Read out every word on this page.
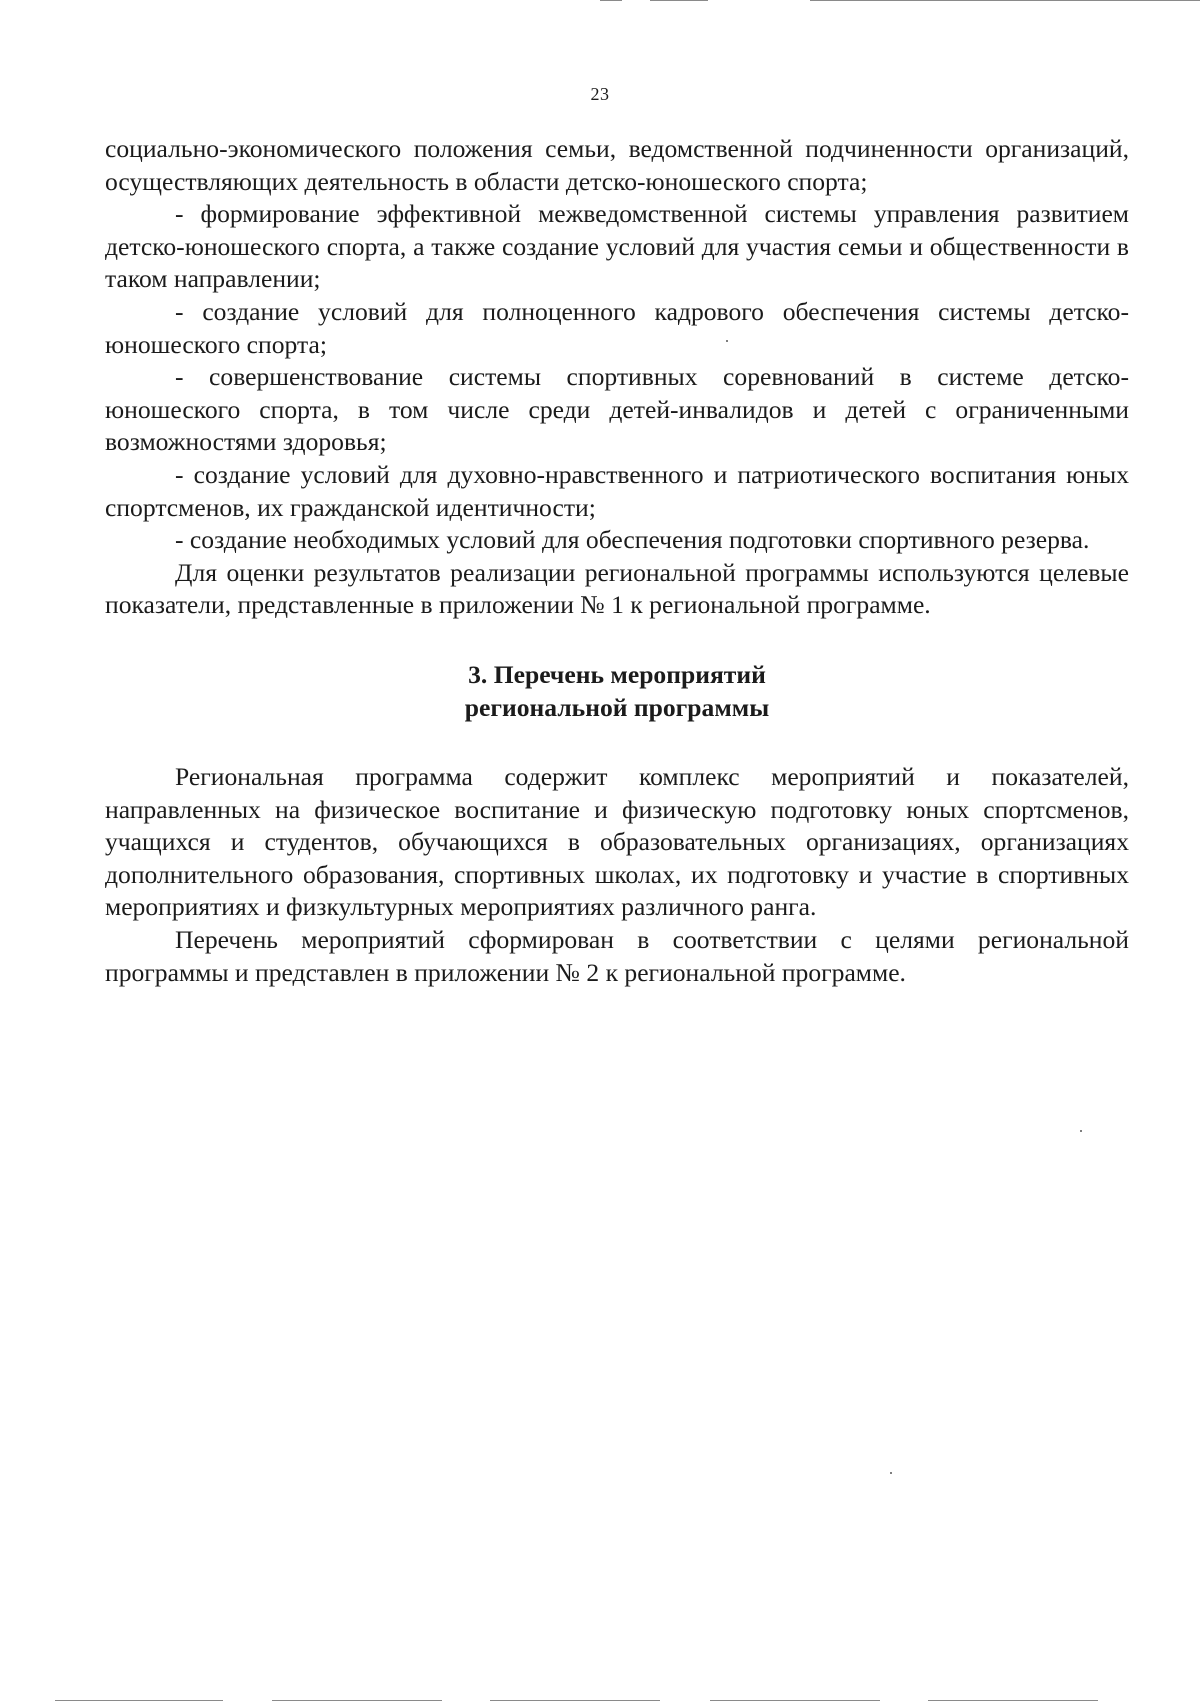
23

социально-экономического положения семьи, ведомственной подчиненности организаций, осуществляющих деятельность в области детско-юношеского спорта;

- формирование эффективной межведомственной системы управления развитием детско-юношеского спорта, а также создание условий для участия семьи и общественности в таком направлении;

- создание условий для полноценного кадрового обеспечения системы детско-юношеского спорта;

- совершенствование системы спортивных соревнований в системе детско-юношеского спорта, в том числе среди детей-инвалидов и детей с ограниченными возможностями здоровья;

- создание условий для духовно-нравственного и патриотического воспитания юных спортсменов, их гражданской идентичности;

- создание необходимых условий для обеспечения подготовки спортивного резерва.

Для оценки результатов реализации региональной программы используются целевые показатели, представленные в приложении № 1 к региональной программе.

3. Перечень мероприятий
региональной программы

Региональная программа содержит комплекс мероприятий и показателей, направленных на физическое воспитание и физическую подготовку юных спортсменов, учащихся и студентов, обучающихся в образовательных организациях, организациях дополнительного образования, спортивных школах, их подготовку и участие в спортивных мероприятиях и физкультурных мероприятиях различного ранга.

Перечень мероприятий сформирован в соответствии с целями региональной программы и представлен в приложении № 2 к региональной программе.
